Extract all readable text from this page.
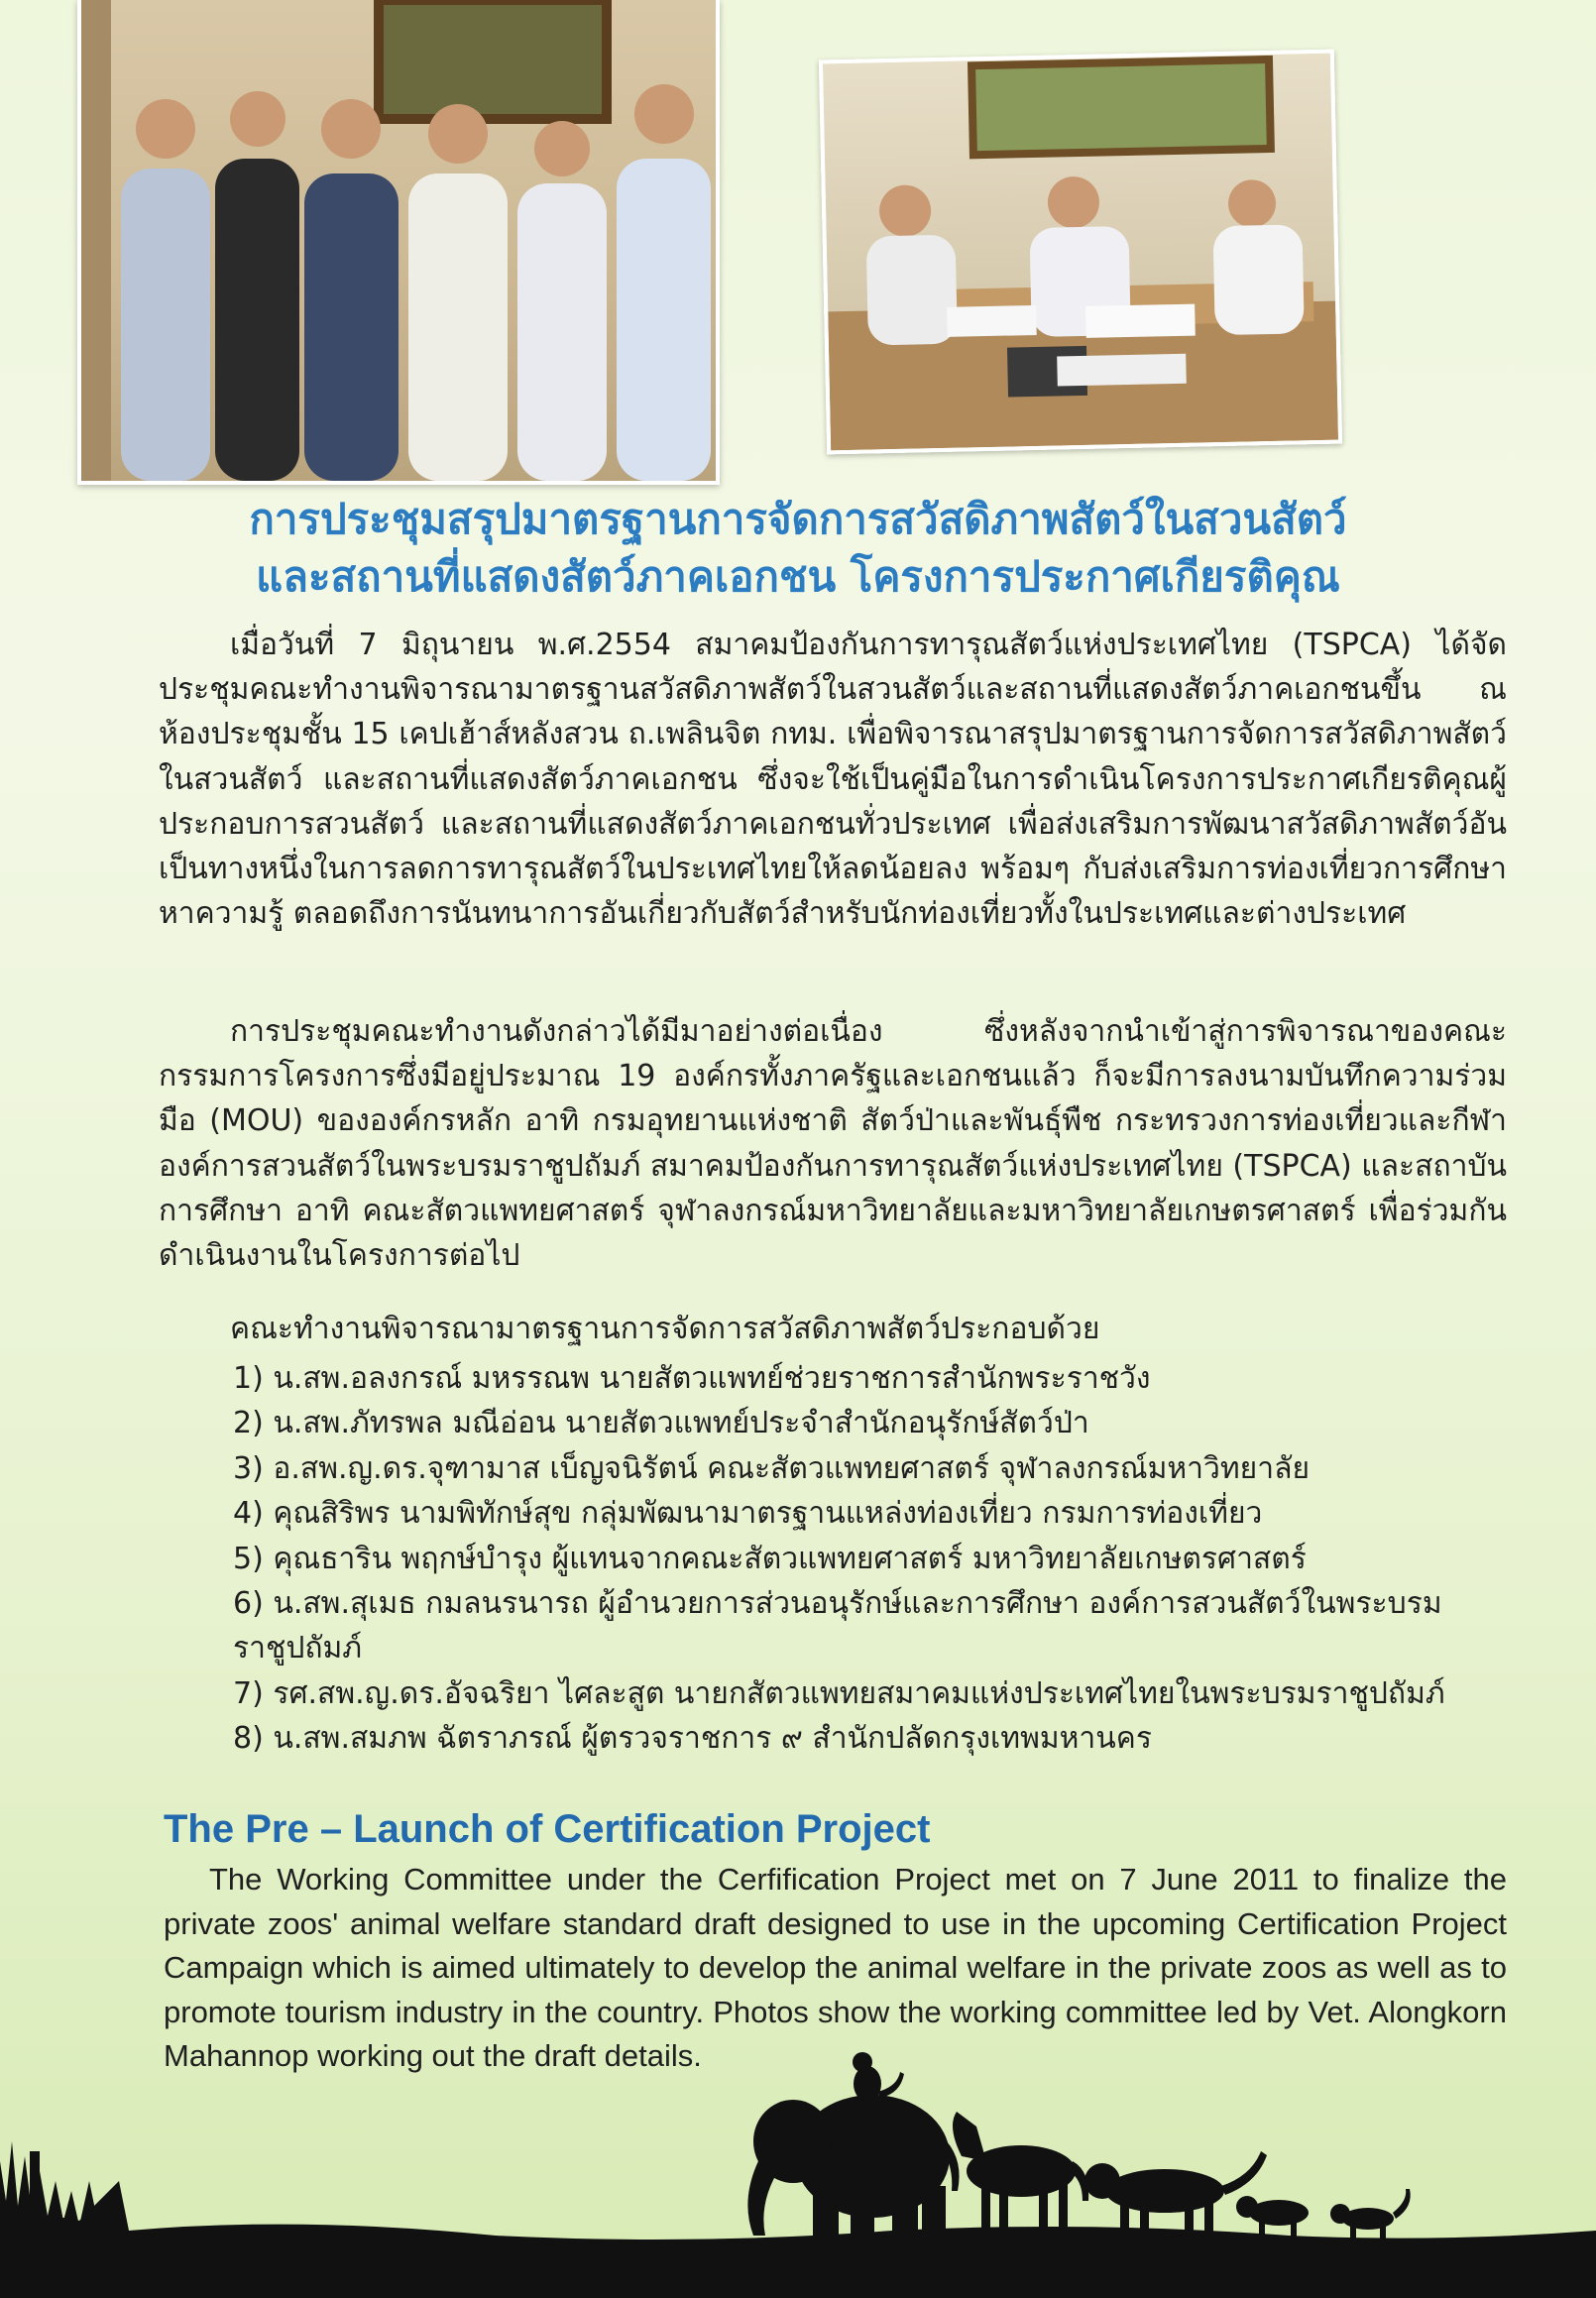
การประชุมสรุปมาตรฐานการจัดการสวัสดิภาพสัตว์ในสวนสัตว์
และสถานที่แสดงสัตว์ภาคเอกชน โครงการประกาศเกียรติคุณ

เมื่อวันที่ 7 มิถุนายน พ.ศ.2554 สมาคมป้องกันการทารุณสัตว์แห่งประเทศไทย (TSPCA) ได้จัดประชุมคณะทำงานพิจารณามาตรฐานสวัสดิภาพสัตว์ในสวนสัตว์และสถานที่แสดงสัตว์ภาคเอกชนขึ้น ณ ห้องประชุมชั้น 15 เคปเฮ้าส์หลังสวน ถ.เพลินจิต กทม. เพื่อพิจารณาสรุปมาตรฐานการจัดการสวัสดิภาพสัตว์ในสวนสัตว์ และสถานที่แสดงสัตว์ภาคเอกชน ซึ่งจะใช้เป็นคู่มือในการดำเนินโครงการประกาศเกียรติคุณผู้ประกอบการสวนสัตว์ และสถานที่แสดงสัตว์ภาคเอกชนทั่วประเทศ เพื่อส่งเสริมการพัฒนาสวัสดิภาพสัตว์อันเป็นทางหนึ่งในการลดการทารุณสัตว์ในประเทศไทยให้ลดน้อยลง พร้อมๆ กับส่งเสริมการท่องเที่ยวการศึกษาหาความรู้ ตลอดถึงการนันทนาการอันเกี่ยวกับสัตว์สำหรับนักท่องเที่ยวทั้งในประเทศและต่างประเทศ

การประชุมคณะทำงานดังกล่าวได้มีมาอย่างต่อเนื่อง ซึ่งหลังจากนำเข้าสู่การพิจารณาของคณะกรรมการโครงการซึ่งมีอยู่ประมาณ 19 องค์กรทั้งภาครัฐและเอกชนแล้ว ก็จะมีการลงนามบันทึกความร่วมมือ (MOU) ขององค์กรหลัก อาทิ กรมอุทยานแห่งชาติ สัตว์ป่าและพันธุ์พืช กระทรวงการท่องเที่ยวและกีฬา องค์การสวนสัตว์ในพระบรมราชูปถัมภ์ สมาคมป้องกันการทารุณสัตว์แห่งประเทศไทย (TSPCA) และสถาบันการศึกษา อาทิ คณะสัตวแพทยศาสตร์ จุฬาลงกรณ์มหาวิทยาลัยและมหาวิทยาลัยเกษตรศาสตร์ เพื่อร่วมกันดำเนินงานในโครงการต่อไป

คณะทำงานพิจารณามาตรฐานการจัดการสวัสดิภาพสัตว์ประกอบด้วย

1) น.สพ.อลงกรณ์ มหรรณพ นายสัตวแพทย์ช่วยราชการสำนักพระราชวัง
2) น.สพ.ภัทรพล มณีอ่อน นายสัตวแพทย์ประจำสำนักอนุรักษ์สัตว์ป่า
3) อ.สพ.ญ.ดร.จุฑามาส เบ็ญจนิรัตน์ คณะสัตวแพทยศาสตร์ จุฬาลงกรณ์มหาวิทยาลัย
4) คุณสิริพร นามพิทักษ์สุข กลุ่มพัฒนามาตรฐานแหล่งท่องเที่ยว กรมการท่องเที่ยว
5) คุณธาริน พฤกษ์บำรุง ผู้แทนจากคณะสัตวแพทยศาสตร์ มหาวิทยาลัยเกษตรศาสตร์
6) น.สพ.สุเมธ กมลนรนารถ ผู้อำนวยการส่วนอนุรักษ์และการศึกษา องค์การสวนสัตว์ในพระบรมราชูปถัมภ์
7) รศ.สพ.ญ.ดร.อัจฉริยา ไศละสูต นายกสัตวแพทยสมาคมแห่งประเทศไทยในพระบรมราชูปถัมภ์
8) น.สพ.สมภพ ฉัตราภรณ์ ผู้ตรวจราชการ ๙ สำนักปลัดกรุงเทพมหานคร
The Pre – Launch of Certification Project

The Working Committee under the Cerfification Project met on 7 June 2011 to finalize the private zoos' animal welfare standard draft designed to use in the upcoming Certification Project Campaign which is aimed ultimately to develop the animal welfare in the private zoos as well as to promote tourism industry in the country. Photos show the working committee led by Vet. Alongkorn Mahannop working out the draft details.

19
